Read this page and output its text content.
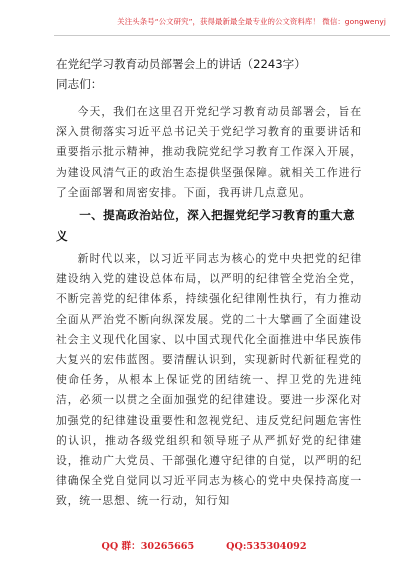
关注头条号“公文研究”，获得最新最全最专业的公文资料库！ 微信：gongwenyj

在党纪学习教育动员部署会上的讲话（2243字）

同志们：

今天，我们在这里召开党纪学习教育动员部署会，旨在深入贯彻落实习近平总书记关于党纪学习教育的重要讲话和重要指示批示精神，推动我院党纪学习教育工作深入开展，为建设风清气正的政治生态提供坚强保障。就相关工作进行了全面部署和周密安排。下面，我再讲几点意见。

一、提高政治站位，深入把握党纪学习教育的重大意义

新时代以来，以习近平同志为核心的党中央把党的纪律建设纳入党的建设总体布局，以严明的纪律管全党治全党，不断完善党的纪律体系，持续强化纪律刚性执行，有力推动全面从严治党不断向纵深发展。党的二十大擘画了全面建设社会主义现代化国家、以中国式现代化全面推进中华民族伟大复兴的宏伟蓝图。要清醒认识到，实现新时代新征程党的使命任务，从根本上保证党的团结统一、捍卫党的先进纯洁，必须一以贯之全面加强党的纪律建设。要进一步深化对加强党的纪律建设重要性和忽视党纪、违反党纪问题危害性的认识，推动各级党组织和领导班子从严抓好党的纪律建设，推动广大党员、干部强化遵守纪律的自觉，以严明的纪律确保全党自觉同以习近平同志为核心的党中央保持高度一致，统一思想、统一行动，知行知

QQ 群：30265665	QQ:535304092
